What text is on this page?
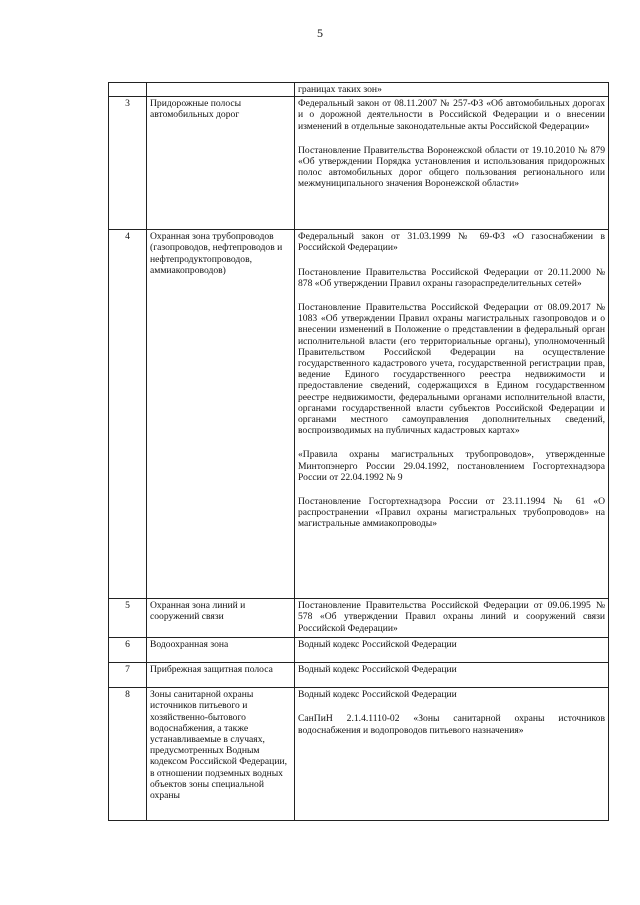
5

		границах таких зон»

3	Придорожные полосы автомобильных дорог	Федеральный закон от 08.11.2007 № 257-ФЗ «Об автомобильных дорогах и о дорожной деятельности в Российской Федерации и о внесении изменений в отдельные законодательные акты Российской Федерации»

Постановление Правительства Воронежской области от 19.10.2010 № 879 «Об утверждении Порядка установления и использования придорожных полос автомобильных дорог общего пользования регионального или межмуниципального значения Воронежской области»

4	Охранная зона трубопроводов (газопроводов, нефтепроводов и нефтепродуктопроводов, аммиакопроводов)	Федеральный закон от 31.03.1999 № 69-ФЗ «О газоснабжении в Российской Федерации»

Постановление Правительства Российской Федерации от 20.11.2000 № 878 «Об утверждении Правил охраны газораспределительных сетей»

Постановление Правительства Российской Федерации от 08.09.2017 № 1083 «Об утверждении Правил охраны магистральных газопроводов и о внесении изменений в Положение о представлении в федеральный орган исполнительной власти (его территориальные органы), уполномоченный Правительством Российской Федерации на осуществление государственного кадастрового учета, государственной регистрации прав, ведение Единого государственного реестра недвижимости и предоставление сведений, содержащихся в Едином государственном реестре недвижимости, федеральными органами исполнительной власти, органами государственной власти субъектов Российской Федерации и органами местного самоуправления дополнительных сведений, воспроизводимых на публичных кадастровых картах»

«Правила охраны магистральных трубопроводов», утвержденные Минтопэнерго России 29.04.1992, постановлением Госгортехнадзора России от 22.04.1992 № 9

Постановление Госгортехнадзора России от 23.11.1994 № 61 «О распространении «Правил охраны магистральных трубопроводов» на магистральные аммиакопроводы»

5	Охранная зона линий и сооружений связи	Постановление Правительства Российской Федерации от 09.06.1995 № 578 «Об утверждении Правил охраны линий и сооружений связи Российской Федерации»

6	Водоохранная зона	Водный кодекс Российской Федерации

7	Прибрежная защитная полоса	Водный кодекс Российской Федерации

8	Зоны санитарной охраны источников питьевого и хозяйственно-бытового водоснабжения, а также устанавливаемые в случаях, предусмотренных Водным кодексом Российской Федерации, в отношении подземных водных объектов зоны специальной охраны	Водный кодекс Российской Федерации

СанПиН 2.1.4.1110-02 «Зоны санитарной охраны источников водоснабжения и водопроводов питьевого назначения»
